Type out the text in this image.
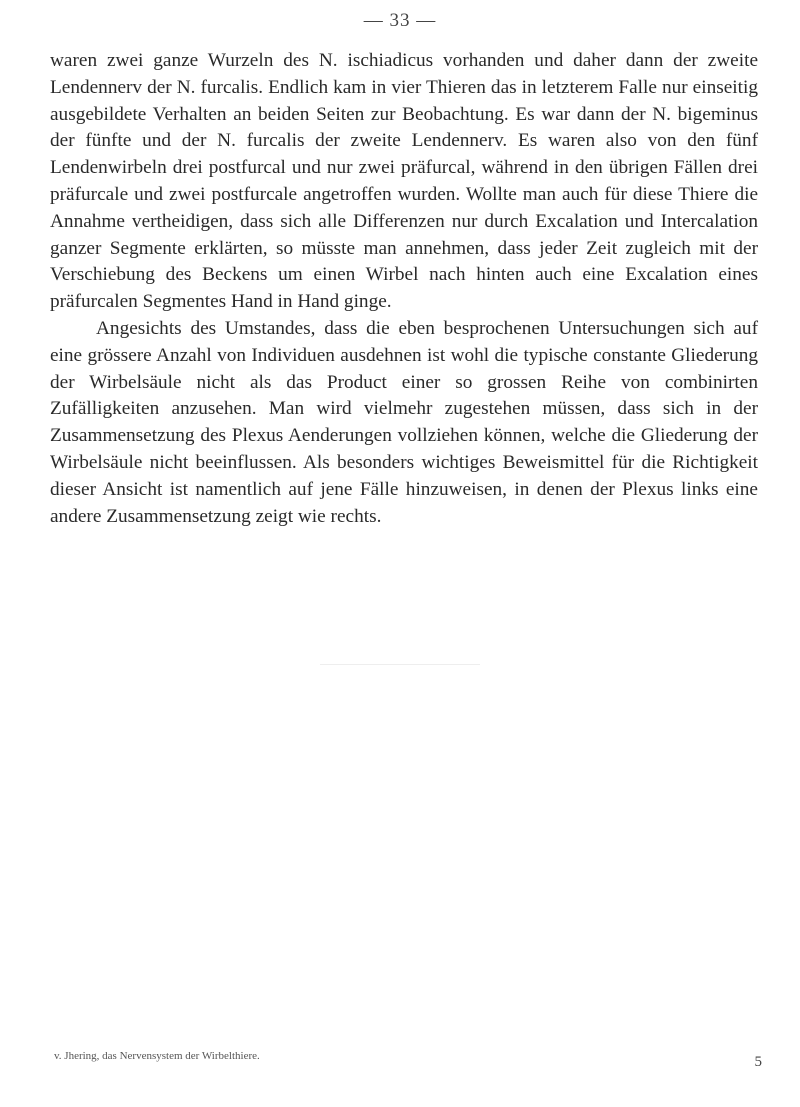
— 33 —

waren zwei ganze Wurzeln des N. ischiadicus vorhanden und daher dann der zweite Lendennerv der N. furcalis. Endlich kam in vier Thieren das in letzterem Falle nur einseitig ausgebildete Verhalten an beiden Seiten zur Beobachtung. Es war dann der N. bigeminus der fünfte und der N. furcalis der zweite Lendennerv. Es waren also von den fünf Lendenwirbeln drei postfurcal und nur zwei präfurcal, während in den übrigen Fällen drei präfurcale und zwei postfurcale angetroffen wurden. Wollte man auch für diese Thiere die Annahme vertheidigen, dass sich alle Differenzen nur durch Excalation und Intercalation ganzer Segmente erklärten, so müsste man annehmen, dass jeder Zeit zugleich mit der Verschiebung des Beckens um einen Wirbel nach hinten auch eine Excalation eines präfurcalen Segmentes Hand in Hand ginge.

Angesichts des Umstandes, dass die eben besprochenen Untersuchungen sich auf eine grössere Anzahl von Individuen ausdehnen ist wohl die typische constante Gliederung der Wirbelsäule nicht als das Product einer so grossen Reihe von combinirten Zufälligkeiten anzusehen. Man wird vielmehr zugestehen müssen, dass sich in der Zusammensetzung des Plexus Aenderungen vollziehen können, welche die Gliederung der Wirbelsäule nicht beeinflussen. Als besonders wichtiges Beweismittel für die Richtigkeit dieser Ansicht ist namentlich auf jene Fälle hinzuweisen, in denen der Plexus links eine andere Zusammensetzung zeigt wie rechts.

v. Jhering, das Nervensystem der Wirbelthiere.	5
